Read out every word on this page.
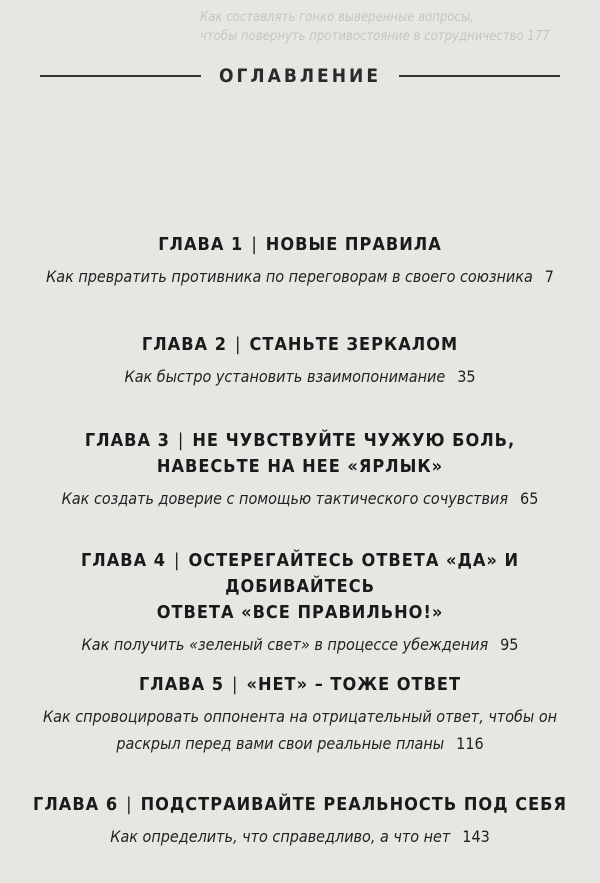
Как составлять гонко выверенные вопросы,
чтобы повернуть противостояние в сотрудничество 177
ОГЛАВЛЕНИЕ
ГЛАВА 1 | НОВЫЕ ПРАВИЛА
Как превратить противника по переговорам в своего союзника 7
ГЛАВА 2 | СТАНЬТЕ ЗЕРКАЛОМ
Как быстро установить взаимопонимание 35
ГЛАВА 3 | НЕ ЧУВСТВУЙТЕ ЧУЖУЮ БОЛЬ,
НАВЕСЬТЕ НА НЕЕ «ЯРЛЫК»
Как создать доверие с помощью тактического сочувствия 65
ГЛАВА 4 | ОСТЕРЕГАЙТЕСЬ ОТВЕТА «ДА» И ДОБИВАЙТЕСЬ
ОТВЕТА «ВСЕ ПРАВИЛЬНО!»
Как получить «зеленый свет» в процессе убеждения 95
ГЛАВА 5 | «НЕТ» – ТОЖЕ ОТВЕТ
Как спровоцировать оппонента на отрицательный ответ, чтобы он
раскрыл перед вами свои реальные планы 116
ГЛАВА 6 | ПОДСТРАИВАЙТЕ РЕАЛЬНОСТЬ ПОД СЕБЯ
Как определить, что справедливо, а что нет 143
